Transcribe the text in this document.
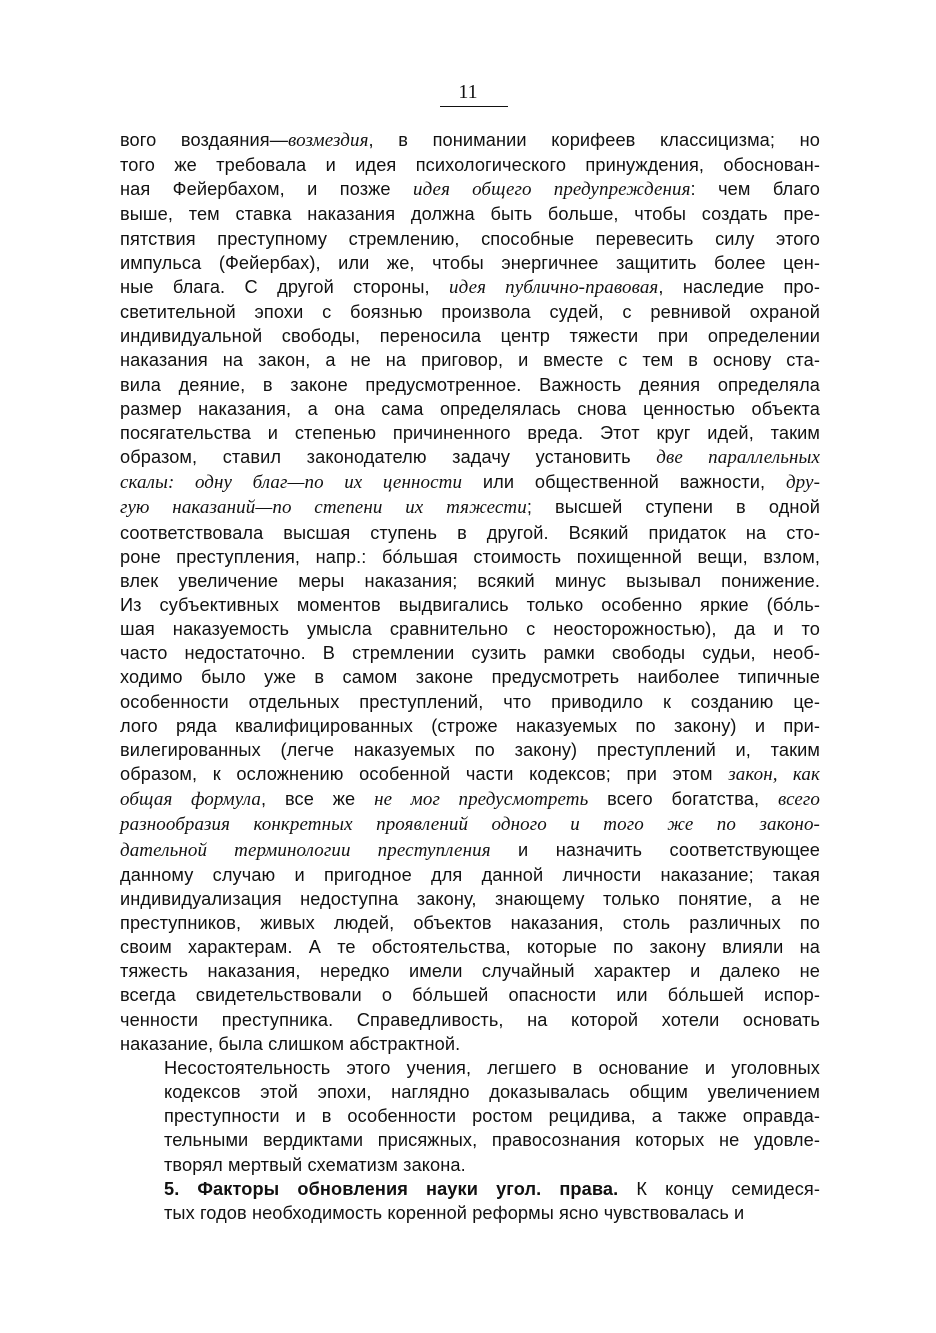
11

вого воздаяния—возмездия, в понимании корифеев классицизма; но
того же требовала и идея психологического принуждения, обоснован-
ная Фейербахом, и позже идея общего предупреждения: чем благо
выше, тем ставка наказания должна быть больше, чтобы создать пре-
пятствия преступному стремлению, способные перевесить силу этого
импульса (Фейербах), или же, чтобы энергичнее защитить более цен-
ные блага. С другой стороны, идея публично-правовая, наследие про-
светительной эпохи с боязнью произвола судей, с ревнивой охраной
индивидуальной свободы, переносила центр тяжести при определении
наказания на закон, а не на приговор, и вместе с тем в основу ста-
вила деяние, в законе предусмотренное. Важность деяния определяла
размер наказания, а она сама определялась снова ценностью объекта
посягательства и степенью причиненного вреда. Этот круг идей, таким
образом, ставил законодателю задачу установить две параллельных
скалы: одну благ—по их ценности или общественной важности, дру-
гую наказаний—по степени их тяжести; высшей ступени в одной
соответствовала высшая ступень в другой. Всякий придаток на сто-
роне преступления, напр.: бóльшая стоимость похищенной вещи, взлом,
влек увеличение меры наказания; всякий минус вызывал понижение.
Из субъективных моментов выдвигались только особенно яркие (бóль-
шая наказуемость умысла сравнительно с неосторожностью), да и то
часто недостаточно. В стремлении сузить рамки свободы судьи, необ-
ходимо было уже в самом законе предусмотреть наиболее типичные
особенности отдельных преступлений, что приводило к созданию це-
лого ряда квалифицированных (строже наказуемых по закону) и при-
вилегированных (легче наказуемых по закону) преступлений и, таким
образом, к осложнению особенной части кодексов; при этом закон, как
общая формула, все же не мог предусмотреть всего богатства, всего
разнообразия конкретных проявлений одного и того же по законо-
дательной терминологии преступления и назначить соответствующее
данному случаю и пригодное для данной личности наказание; такая
индивидуализация недоступна закону, знающему только понятие, а не
преступников, живых людей, объектов наказания, столь различных по
своим характерам. А те обстоятельства, которые по закону влияли на
тяжесть наказания, нередко имели случайный характер и далеко не
всегда свидетельствовали о бóльшей опасности или бóльшей испор-
ченности преступника. Справедливость, на которой хотели основать
наказание, была слишком абстрактной.

Несостоятельность этого учения, легшего в основание и уголовных
кодексов этой эпохи, наглядно доказывалась общим увеличением
преступности и в особенности ростом рецидива, а также оправда-
тельными вердиктами присяжных, правосознания которых не удовле-
творял мертвый схематизм закона.

5. Факторы обновления науки угол. права. К концу семидеся-
тых годов необходимость коренной реформы ясно чувствовалась и
